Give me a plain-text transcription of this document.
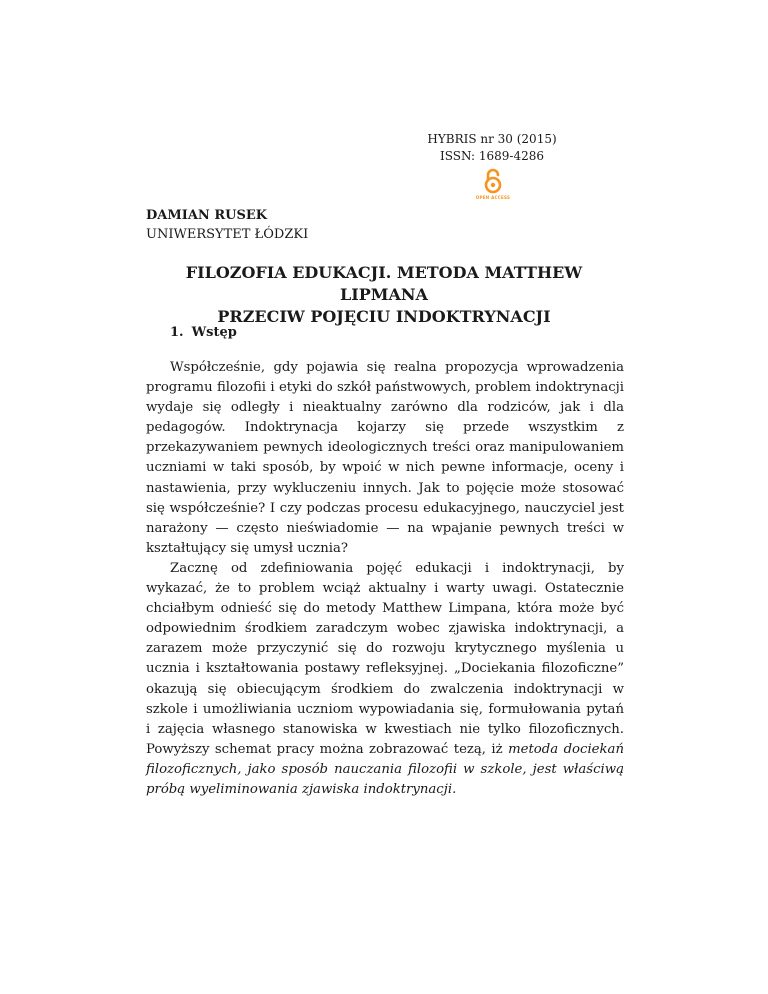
HYBRIS nr 30 (2015)
ISSN: 1689-4286
OPEN ACCESS
DAMIAN RUSEK
UNIWERSYTET ŁÓDZKI
FILOZOFIA EDUKACJI. METODA MATTHEW LIPMANA
PRZECIW POJĘCIU INDOKTRYNACJI
1. Wstęp

Współcześnie, gdy pojawia się realna propozycja wprowadzenia programu filozofii i etyki do szkół państwowych, problem indoktrynacji wydaje się odległy i nieaktualny zarówno dla rodziców, jak i dla pedagogów. Indoktrynacja kojarzy się przede wszystkim z przekazywaniem pewnych ideologicznych treści oraz manipulowaniem uczniami w taki sposób, by wpoić w nich pewne informacje, oceny i nastawienia, przy wykluczeniu innych. Jak to pojęcie może stosować się współcześnie? I czy podczas procesu edukacyjnego, nauczyciel jest narażony — często nieświadomie — na wpajanie pewnych treści w kształtujący się umysł ucznia?

Zacznę od zdefiniowania pojęć edukacji i indoktrynacji, by wykazać, że to problem wciąż aktualny i warty uwagi. Ostatecznie chciałbym odnieść się do metody Matthew Limpana, która może być odpowiednim środkiem zaradczym wobec zjawiska indoktrynacji, a zarazem może przyczynić się do rozwoju krytycznego myślenia u ucznia i kształtowania postawy refleksyjnej. „Dociekania filozoficzne” okazują się obiecującym środkiem do zwalczenia indoktrynacji w szkole i umożliwiania uczniom wypowiadania się, formułowania pytań i zajęcia własnego stanowiska w kwestiach nie tylko filozoficznych. Powyższy schemat pracy można zobrazować tezą, iż metoda dociekań filozoficznych, jako sposób nauczania filozofii w szkole, jest właściwą próbą wyeliminowania zjawiska indoktrynacji.
